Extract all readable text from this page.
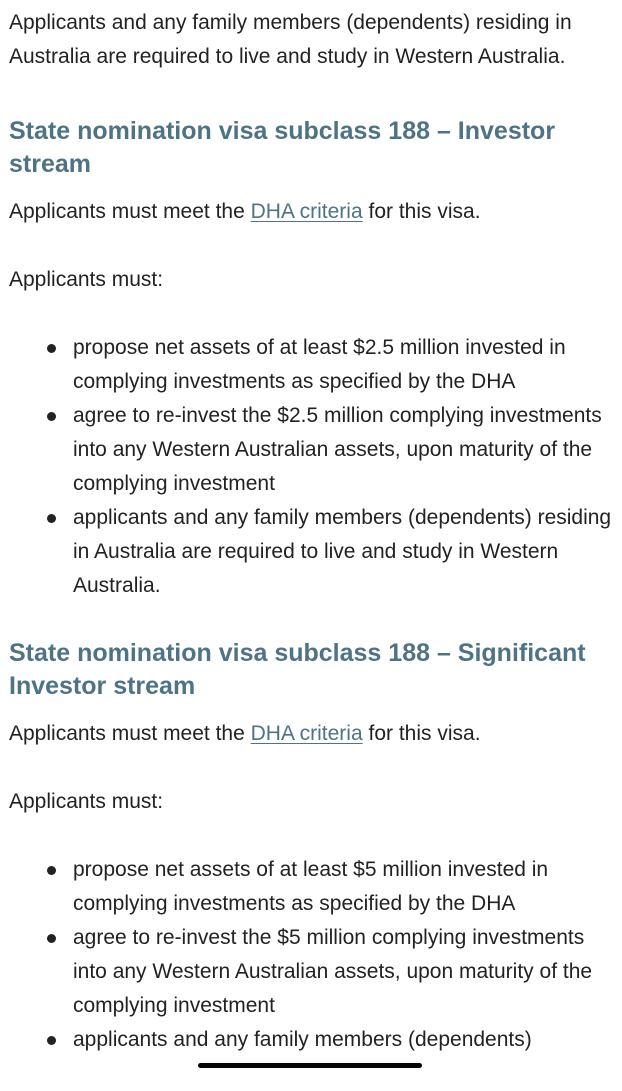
Applicants and any family members (dependents) residing in Australia are required to live and study in Western Australia.

State nomination visa subclass 188 – Investor stream

Applicants must meet the DHA criteria for this visa.

Applicants must:

propose net assets of at least $2.5 million invested in complying investments as specified by the DHA
agree to re-invest the $2.5 million complying investments into any Western Australian assets, upon maturity of the complying investment
applicants and any family members (dependents) residing in Australia are required to live and study in Western Australia.
State nomination visa subclass 188 – Significant Investor stream

Applicants must meet the DHA criteria for this visa.

Applicants must:

propose net assets of at least $5 million invested in complying investments as specified by the DHA
agree to re-invest the $5 million complying investments into any Western Australian assets, upon maturity of the complying investment
applicants and any family members (dependents)
